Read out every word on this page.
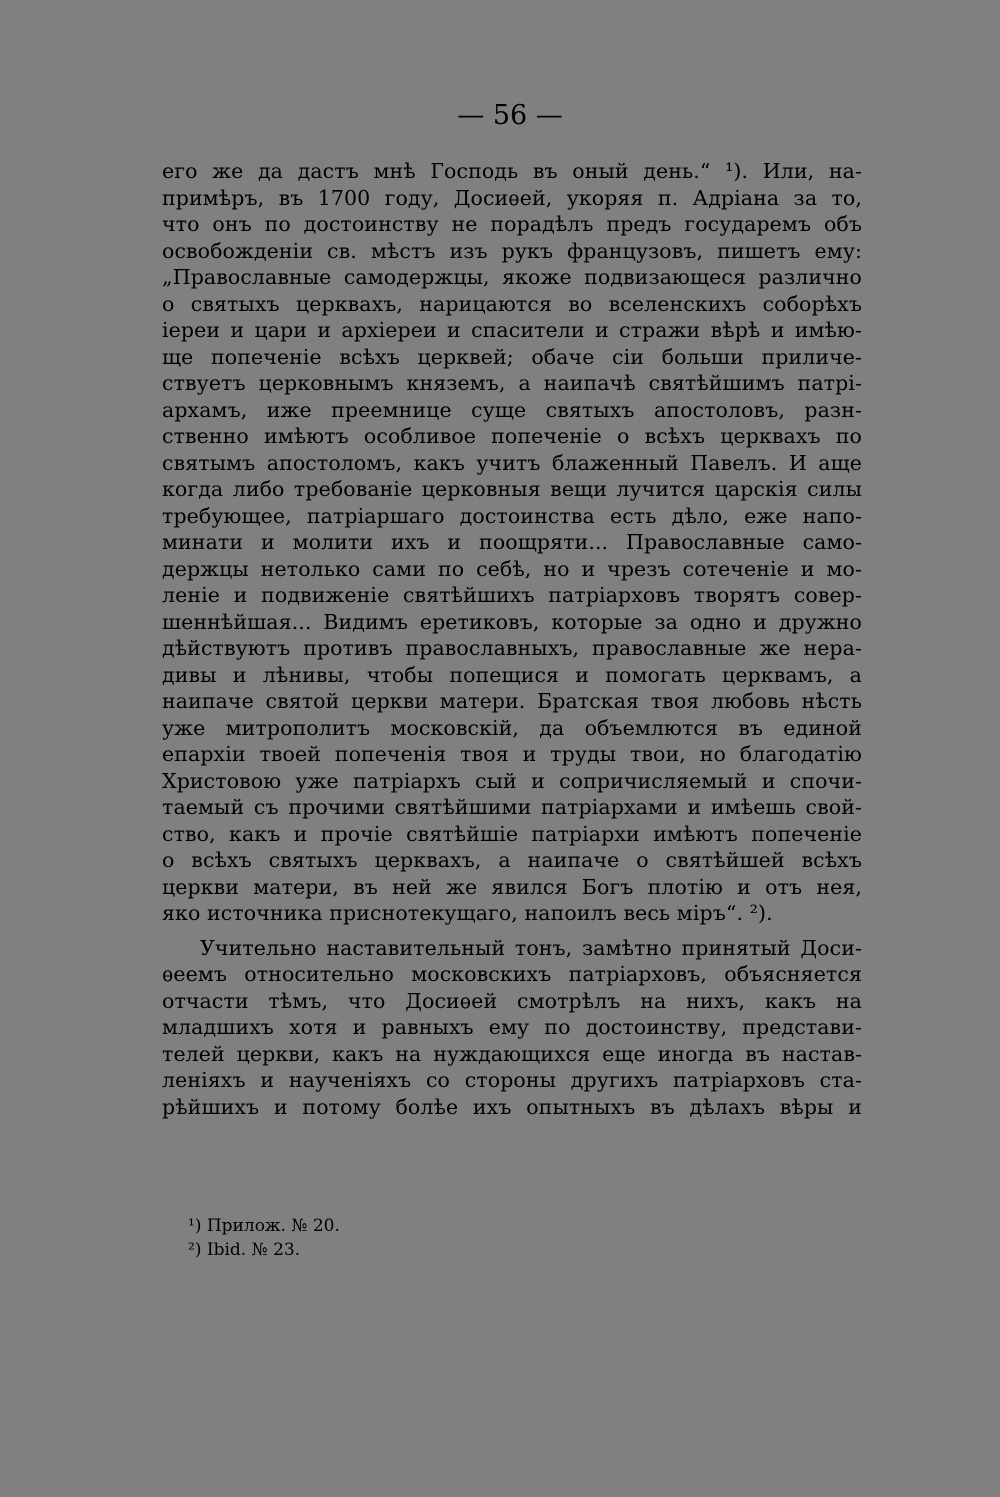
— 56 —
его же да дастъ мнѣ Господь въ оный день.“ ¹). Или, на-
примѣръ, въ 1700 году, Досиѳей, укоряя п. Адріана за то,
что онъ по достоинству не порадѣлъ предъ государемъ объ
освобожденіи св. мѣстъ изъ рукъ французовъ, пишетъ ему:
„Православные самодержцы, якоже подвизающеся различно
о святыхъ церквахъ, нарицаются во вселенскихъ соборѣхъ
іереи и цари и архіереи и спасители и стражи вѣрѣ и имѣю-
ще попеченіе всѣхъ церквей; обаче сіи больши приличе-
ствуетъ церковнымъ княземъ, а наипачѣ святѣйшимъ патрі-
архамъ, иже преемнице суще святыхъ апостоловъ, разн-
ственно имѣютъ особливое попеченіе о всѣхъ церквахъ по
святымъ апостоломъ, какъ учитъ блаженный Павелъ. И аще
когда либо требованіе церковныя вещи лучится царскія силы
требующее, патріаршаго достоинства есть дѣло, еже напо-
минати и молити ихъ и поощряти... Православные само-
держцы нетолько сами по себѣ, но и чрезъ сотеченіе и мо-
леніе и подвиженіе святѣйшихъ патріарховъ творятъ совер-
шеннѣйшая... Видимъ еретиковъ, которые за одно и дружно
дѣйствуютъ противъ православныхъ, православные же нера-
дивы и лѣнивы, чтобы попещися и помогать церквамъ, а
наипаче святой церкви матери. Братская твоя любовь нѣсть
уже митрополитъ московскій, да объемлются въ единой
епархіи твоей попеченія твоя и труды твои, но благодатію
Христовою уже патріархъ сый и сопричисляемый и спочи-
таемый съ прочими святѣйшими патріархами и имѣешь свой-
ство, какъ и прочіе святѣйшіе патріархи имѣютъ попеченіе
о всѣхъ святыхъ церквахъ, а наипаче о святѣйшей всѣхъ
церкви матери, въ ней же явился Богъ плотію и отъ нея,
яко источника приснотекущаго, напоилъ весь міръ“. ²).
Учительно наставительный тонъ, замѣтно принятый Доси-
ѳеемъ относительно московскихъ патріарховъ, объясняется
отчасти тѣмъ, что Досиѳей смотрѣлъ на нихъ, какъ на
младшихъ хотя и равныхъ ему по достоинству, представи-
телей церкви, какъ на нуждающихся еще иногда въ настав-
леніяхъ и наученіяхъ со стороны другихъ патріарховъ ста-
рѣйшихъ и потому болѣе ихъ опытныхъ въ дѣлахъ вѣры и
¹) Прилож. № 20.
²) Ibid. № 23.
